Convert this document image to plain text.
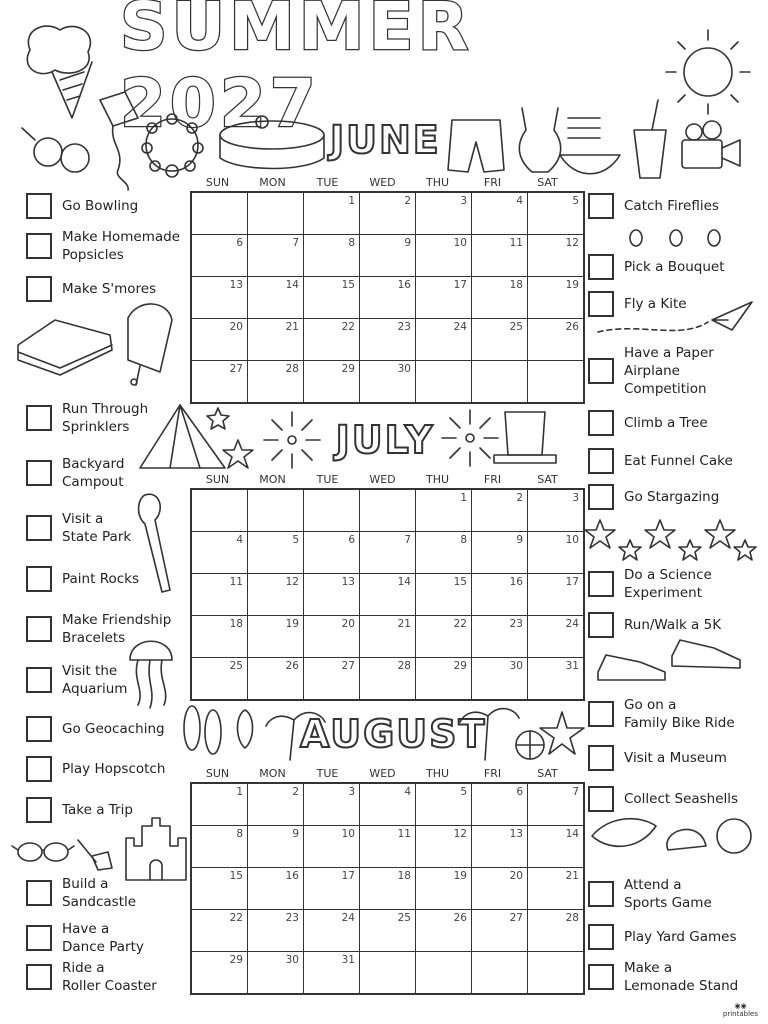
SUMMER 2027 JUNE
JULY
AUGUST
SUN	MON	TUE	WED	THU	FRI	SAT

		1	2	3	4	5

6	7	8	9	10	11	12

13	14	15	16	17	18	19

20	21	22	23	24	25	26

27	28	29	30			

SUN	MON	TUE	WED	THU	FRI	SAT

				1	2	3

4	5	6	7	8	9	10

11	12	13	14	15	16	17

18	19	20	21	22	23	24

25	26	27	28	29	30	31
SUN	MON	TUE	WED	THU	FRI	SAT
1	2	3	4	5	6	7

8	9	10	11	12	13	14

15	16	17	18	19	20	21

22	23	24	25	26	27	28

29	30	31				

Go Bowling
Make Homemade
Popsicles
Make S'mores
Run Through
Sprinklers
Backyard
Campout
Visit a
State Park
Paint Rocks
Make Friendship
Bracelets
Visit the
Aquarium
Go Geocaching
Play Hopscotch
Take a Trip
Build a
Sandcastle
Have a
Dance Party
Ride a
Roller Coaster
Catch Fireflies
Pick a Bouquet
Fly a Kite
Have a Paper
Airplane
Competition
Climb a Tree
Eat Funnel Cake
Go Stargazing
Do a Science
Experiment
Run/Walk a 5K
Go on a
Family Bike Ride
Visit a Museum
Collect Seashells
Attend a
Sports Game
Play Yard Games
Make a
Lemonade Stand
◉◉
printables
